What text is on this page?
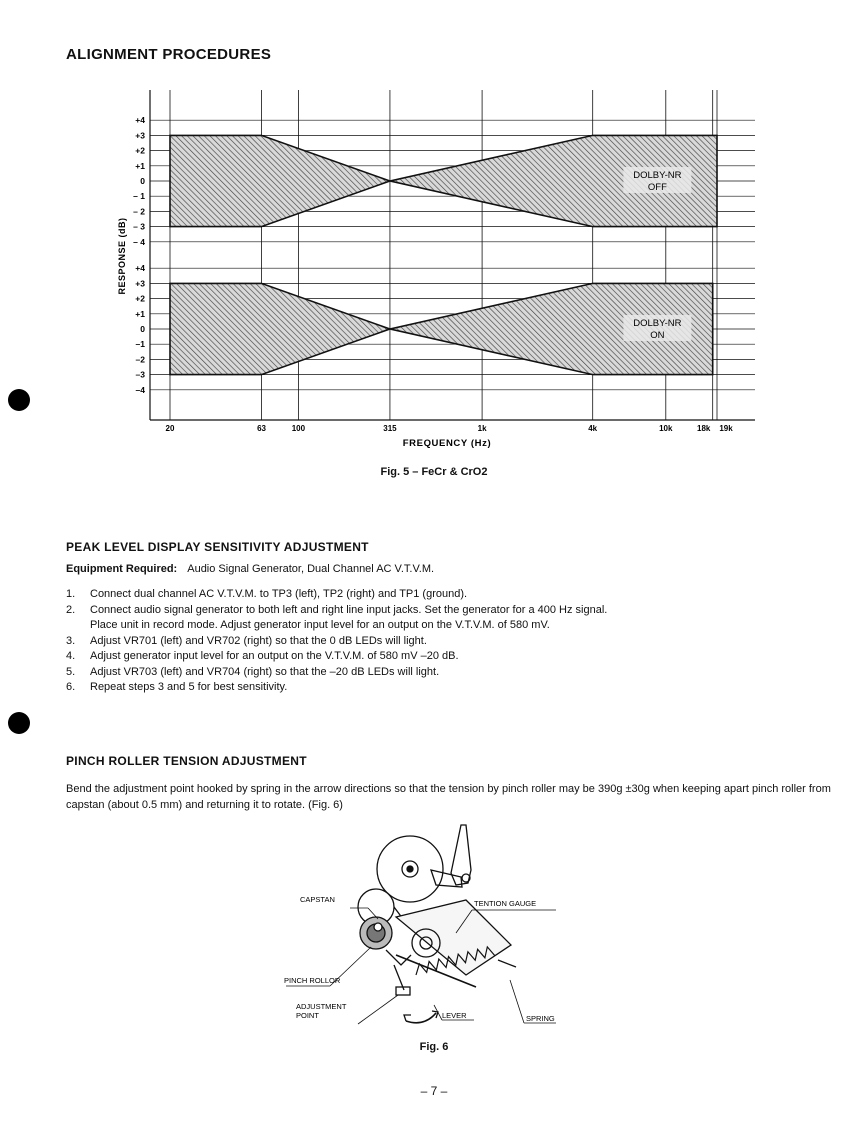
ALIGNMENT PROCEDURES
DOLBY-NR
OFF
DOLBY-NR
ON
+4
+3
+2
+1
0
– 1
– 2
– 3
– 4
+4
+3
+2
+1
0
–1
–2
–3
–4
20	63	100	315	1k	4k	10k	18k 19k
FREQUENCY (Hz)
RESPONSE (dB)
Fig. 5 – FeCr & CrO2
PEAK LEVEL DISPLAY SENSITIVITY ADJUSTMENT
Equipment Required: Audio Signal Generator, Dual Channel AC V.T.V.M.
1.	Connect dual channel AC V.T.V.M. to TP3 (left), TP2 (right) and TP1 (ground).
2.	Connect audio signal generator to both left and right line input jacks. Set the generator for a 400 Hz signal.
Place unit in record mode. Adjust generator input level for an output on the V.T.V.M. of 580 mV.
3.	Adjust VR701 (left) and VR702 (right) so that the 0 dB LEDs will light.
4.	Adjust generator input level for an output on the V.T.V.M. of 580 mV –20 dB.
5.	Adjust VR703 (left) and VR704 (right) so that the –20 dB LEDs will light.
6.	Repeat steps 3 and 5 for best sensitivity.
PINCH ROLLER TENSION ADJUSTMENT
Bend the adjustment point hooked by spring in the arrow directions so that the tension by pinch roller may be 390g ±30g when keeping apart pinch roller from capstan (about 0.5 mm) and returning it to rotate. (Fig. 6)
CAPSTAN	TENTION GAUGE
PINCH ROLLOR
ADJUSTMENT
POINT	LEVER	SPRING
Fig. 6
– 7 –
